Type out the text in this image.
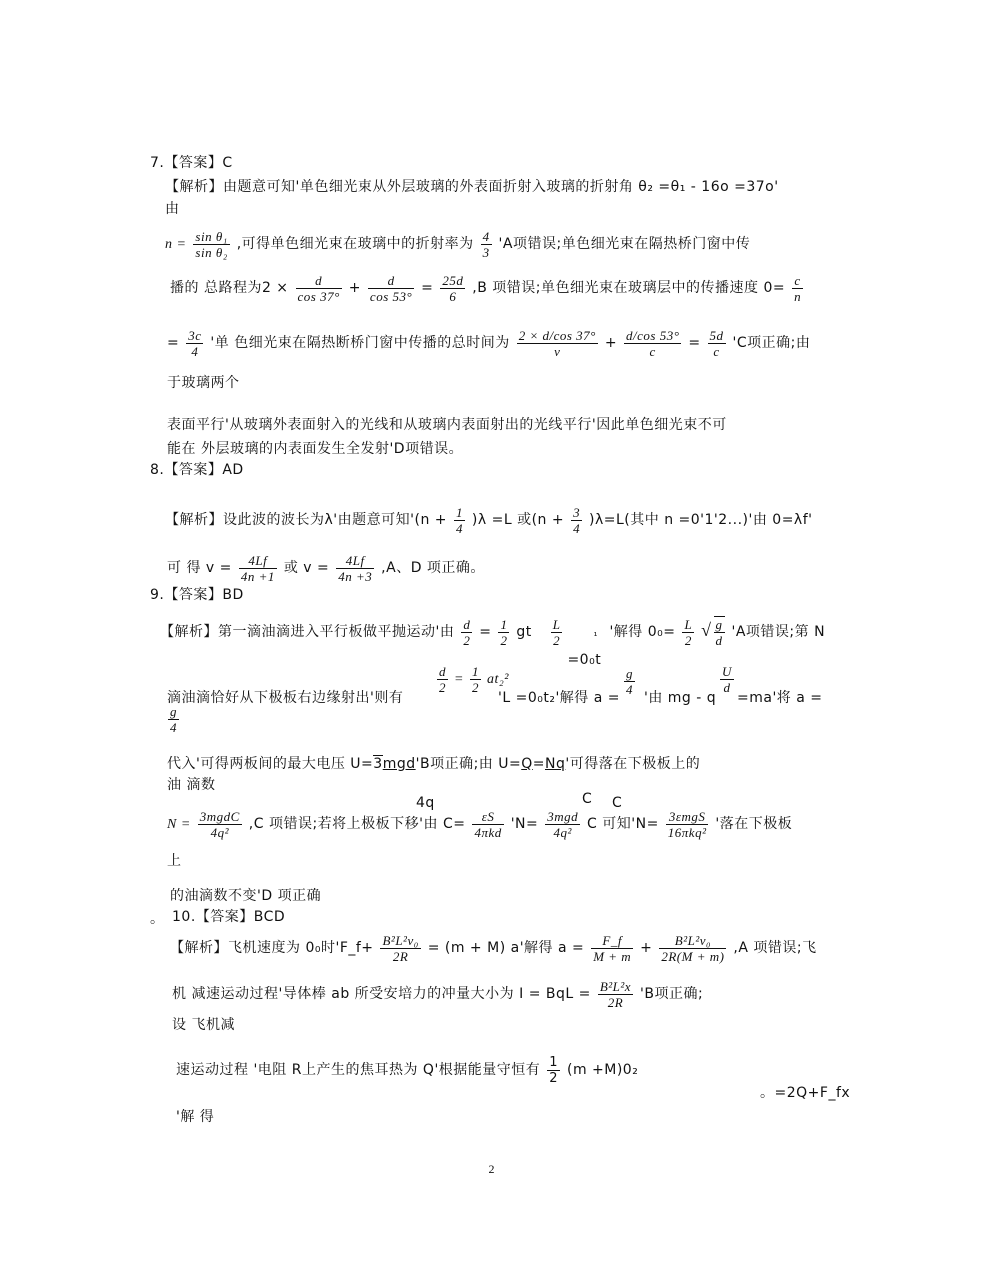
7.【答案】C
【解析】由题意可知'单色细光束从外层玻璃的外表面折射入玻璃的折射角 θ₂ =θ₁ - 16o =37o'
由
$n = \frac{\text{sin θ₁}}{\text{sin θ₂}}$ ,可得单色细光束在玻璃中的折射率为 $\frac{4}{3}$ 'A项错误;单色细光束在隔热桥门窗中传
播的 总路程为$2 \times \frac{d}{\cos 37^\circ} + \frac{d}{\cos 53^\circ} = \frac{25d}{6} ,B$ 项错误;单色细光束在玻璃层中的传播速度 $0= \frac{c}{n}$
= $\frac{3c}{4}$ '单 色细光束在隔热断桥门窗中传播的总时间为 $\frac{2 \times d/\cos 37^\circ}{v} + \frac{d/\cos 53^\circ}{c} = \frac{5d}{c}$ 'C项正确;由
于玻璃两个
表面平行'从玻璃外表面射入的光线和从玻璃内表面射出的光线平行'因此单色细光束不可
能在 外层玻璃的内表面发生全发射'D项错误。
8.【答案】AD
【解析】设此波的波长为λ'由题意可知'$(n + \frac{1}{4} )\lambda =L$ 或$(n + \frac{3}{4} )\lambda=L$(其中 n =0'1'2...)'由 0=λf'
可 得 $v = \frac{4Lf}{4n +1}$ 或 $v = \frac{4Lf}{4n +3} ,A$、D 项正确。
9.【答案】BD
【解析】第一滴油滴进入平行板做平抛运动'由 $\frac{d}{2} = \frac{1}{2}$ gt $\frac{L}{2}$
	₁
=0₀t
'解得 $0_0= \frac{L}{2}$ √ $\frac{g}{d}$ 'A项错误;第 N
$\frac{d}{2} = \frac{1}{2} at_2^2$	$\frac{g}{4}$	$\frac{U}{d}$
滴油滴恰好从下极板右边缘射出'则有	'L =0₀t₂'解得 a = '由 mg - q =ma'将 a =
$\frac{g}{4}$
代入'可得两板间的最大电压 U=3mgd'B项正确;由 U=Q=Nq'可得落在下极板上的
油 滴数
4q	C C
$N = \frac{\text{3mgdC}}{\text{4q²}} ,C$ 项错误;若将上极板下移'由 $C= \frac{\varepsilon S}{\text{4πkd}}$ '$N= \frac{\text{3mgd}}{\text{4q²}}$ C 可知'$N= \frac{\text{3εmgS}}{\text{16πkq²}}$ '落在下极板
上
的油滴数不变'D 项正确
。 10.【答案】BCD
【解析】飞机速度为 0₀时'F_f+ $\frac{\text{B²L²v₀}}{2R} = (m + M)$ a'解得 $a = \frac{F\_f}{M + m} + \frac{\text{B²L²v₀}}{2R(M + m)} ,A$ 项错误;飞
机 减速运动过程'导体棒 ab 所受安培力的冲量大小为 I = BqL = $\frac{\text{B²L²x}}{2R}$ 'B项正确;
设 飞机减
速运动过程 '电阻 R上产生的焦耳热为 Q'根据能量守恒有 $\frac{1}{2} (m +M)0_2$
。=2Q+F_fx
'解 得
2
